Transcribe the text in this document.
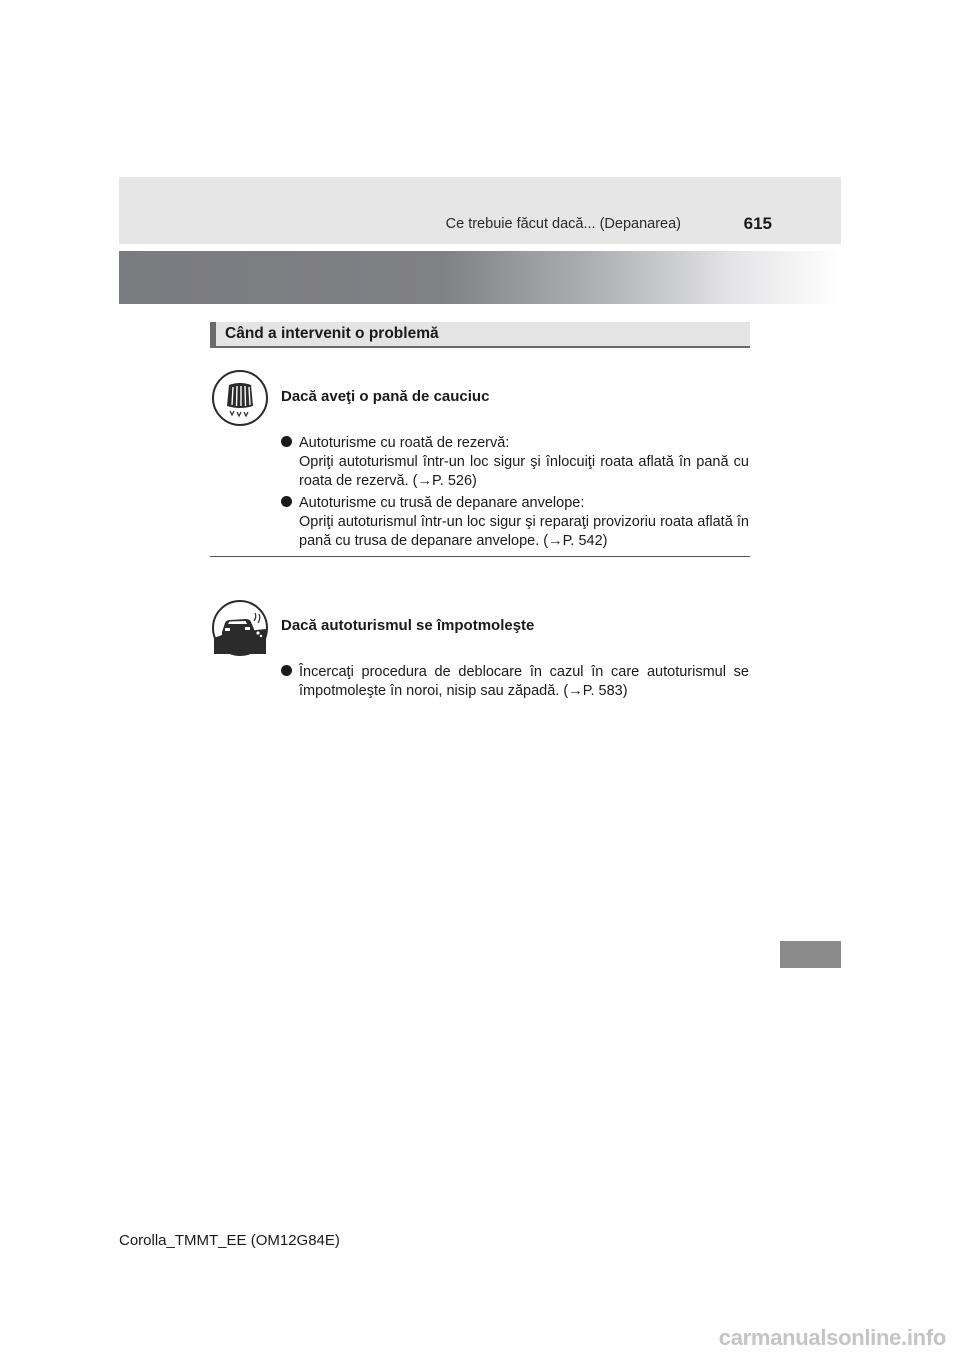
Ce trebuie făcut dacă... (Depanarea)	615
Când a intervenit o problemă
Dacă aveţi o pană de cauciuc
Autoturisme cu roată de rezervă:
Opriţi autoturismul într-un loc sigur şi înlocuiţi roata aflată în pană cu roata de rezervă. (→P. 526)
Autoturisme cu trusă de depanare anvelope:
Opriţi autoturismul într-un loc sigur şi reparaţi provizoriu roata aflată în pană cu trusa de depanare anvelope. (→P. 542)
Dacă autoturismul se împotmoleşte
Încercaţi procedura de deblocare în cazul în care autoturismul se împotmoleşte în noroi, nisip sau zăpadă. (→P. 583)
Corolla_TMMT_EE (OM12G84E)
carmanualsonline.info
